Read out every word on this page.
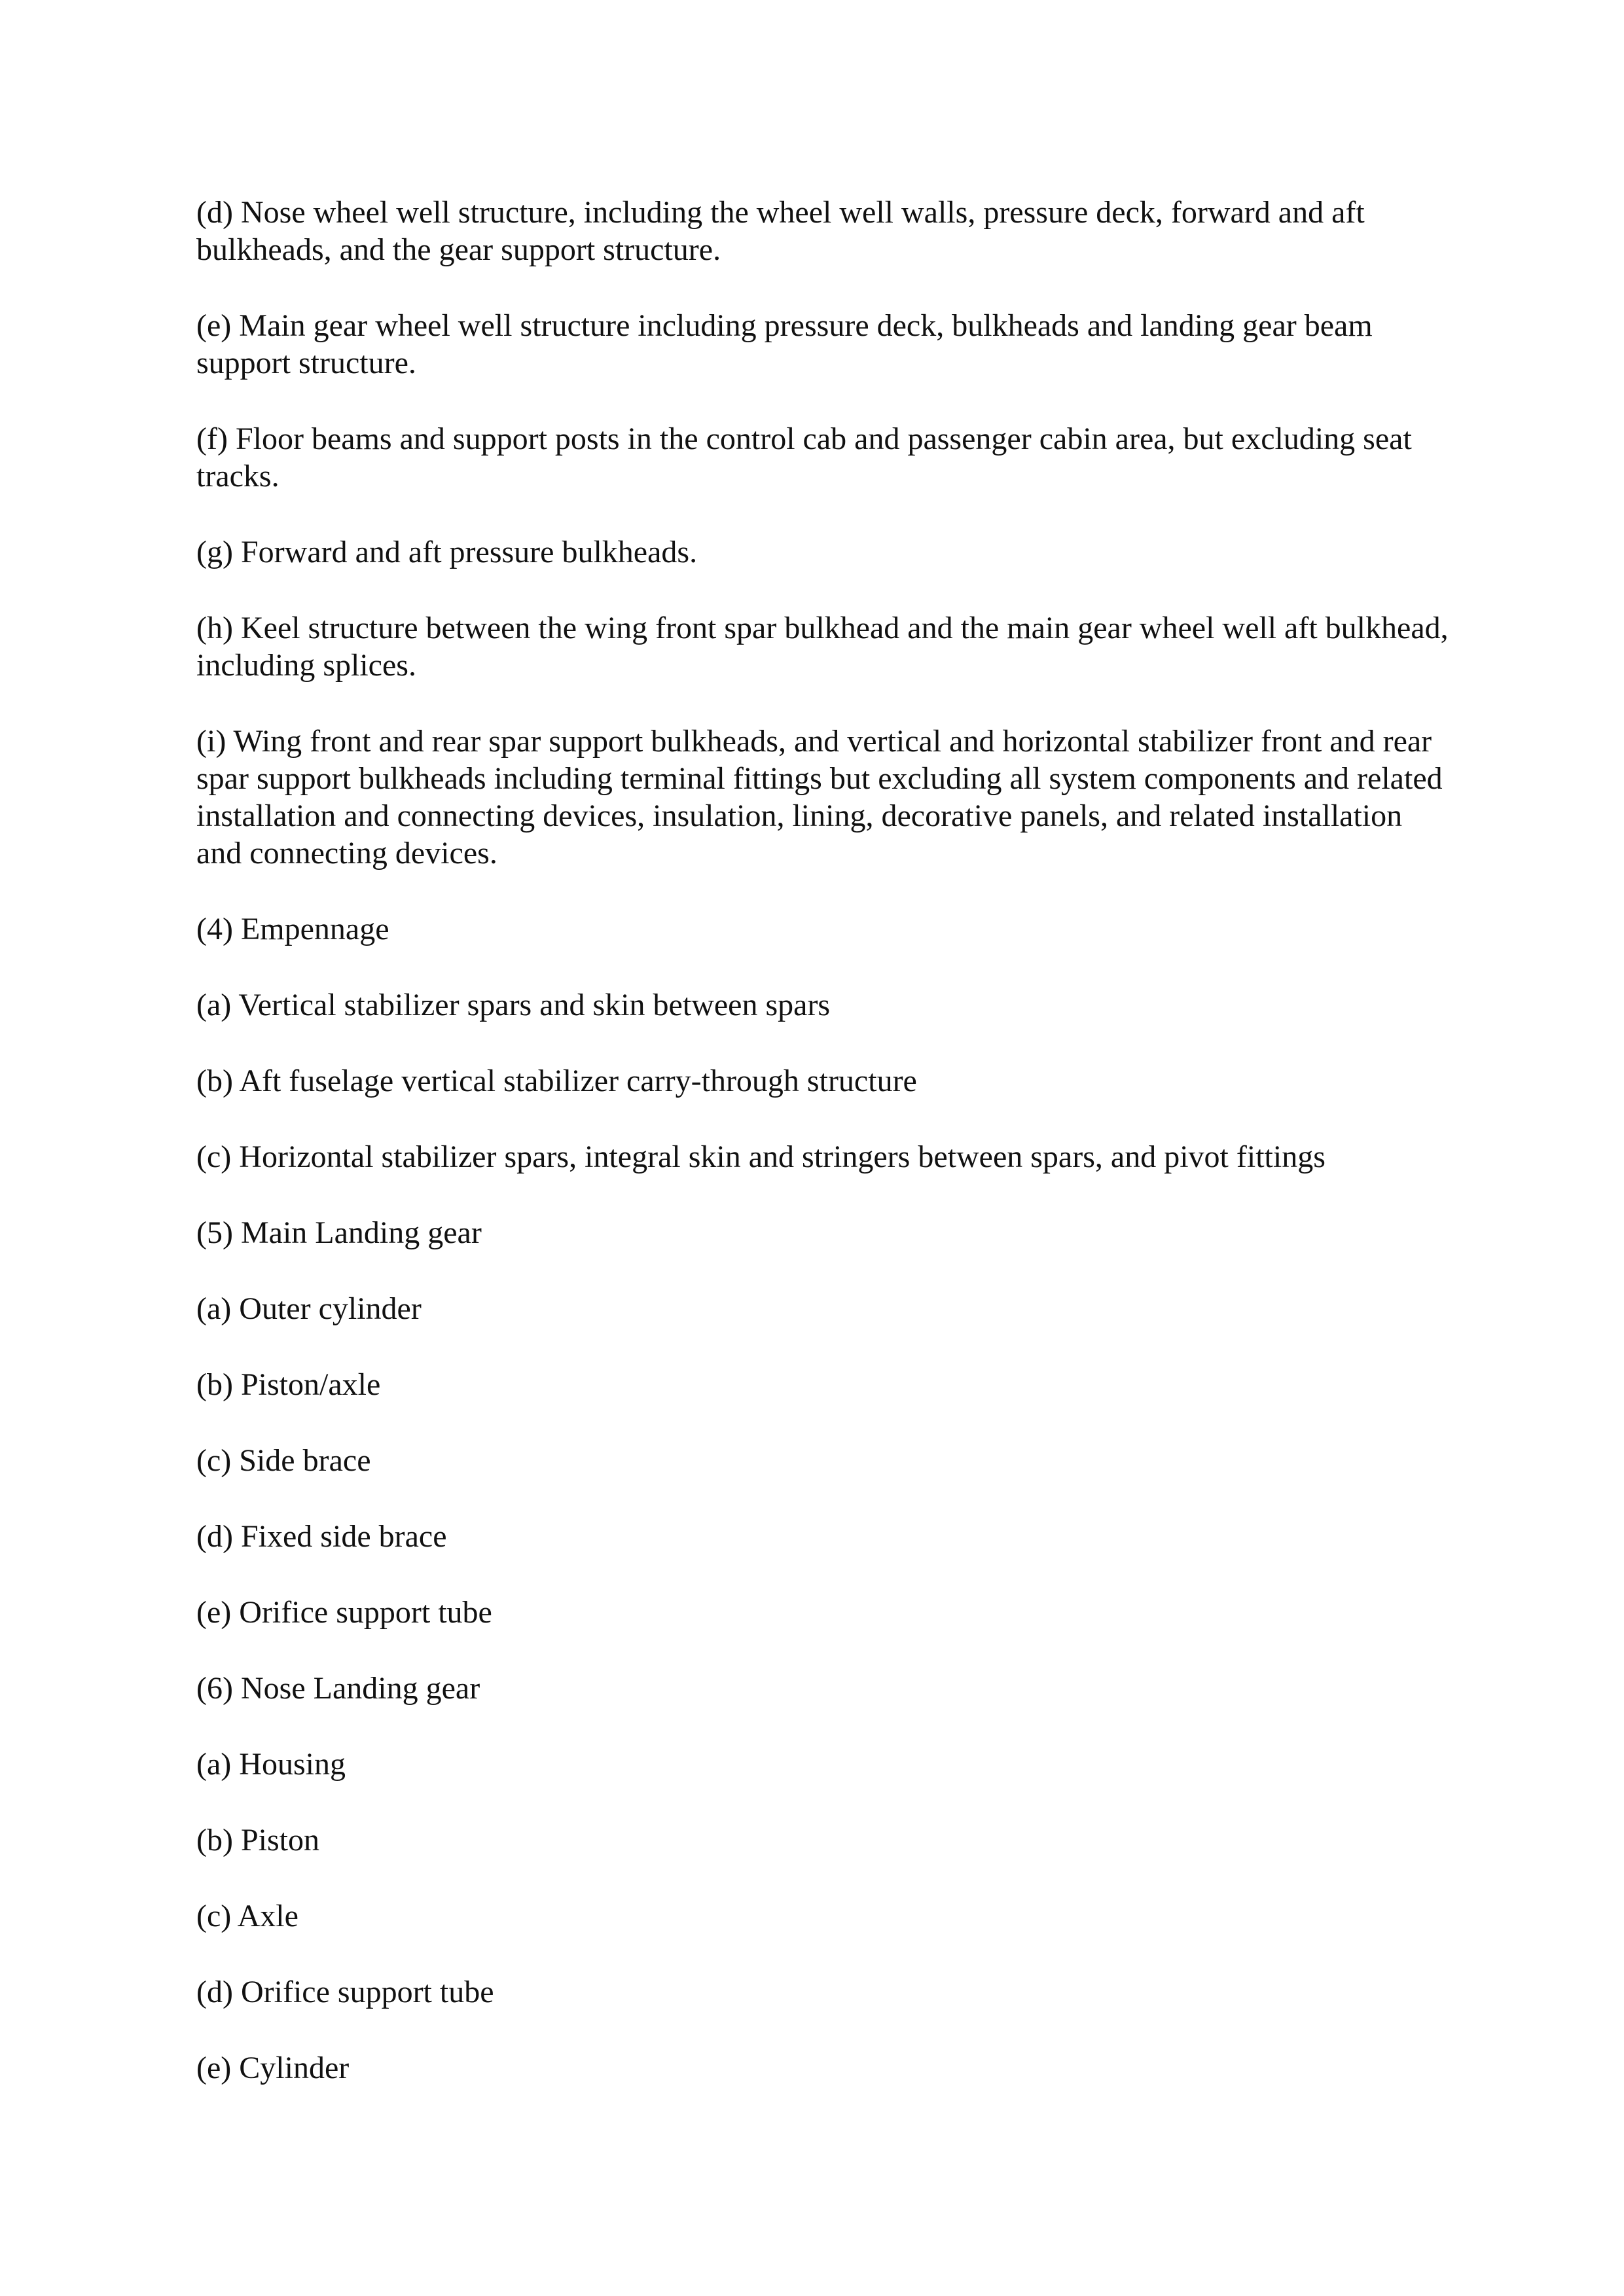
(d) Nose wheel well structure, including the wheel well walls, pressure deck, forward and aft bulkheads, and the gear support structure.

(e) Main gear wheel well structure including pressure deck, bulkheads and landing gear beam support structure.

(f) Floor beams and support posts in the control cab and passenger cabin area, but excluding seat tracks.

(g) Forward and aft pressure bulkheads.

(h) Keel structure between the wing front spar bulkhead and the main gear wheel well aft bulkhead, including splices.

(i) Wing front and rear spar support bulkheads, and vertical and horizontal stabilizer front and rear spar support bulkheads including terminal fittings but excluding all system components and related installation and connecting devices, insulation, lining, decorative panels, and related installation and connecting devices.

(4) Empennage

(a) Vertical stabilizer spars and skin between spars

(b) Aft fuselage vertical stabilizer carry-through structure

(c) Horizontal stabilizer spars, integral skin and stringers between spars, and pivot fittings

(5) Main Landing gear

(a) Outer cylinder

(b) Piston/axle

(c) Side brace

(d) Fixed side brace

(e) Orifice support tube

(6) Nose Landing gear

(a) Housing

(b) Piston

(c) Axle

(d) Orifice support tube

(e) Cylinder
